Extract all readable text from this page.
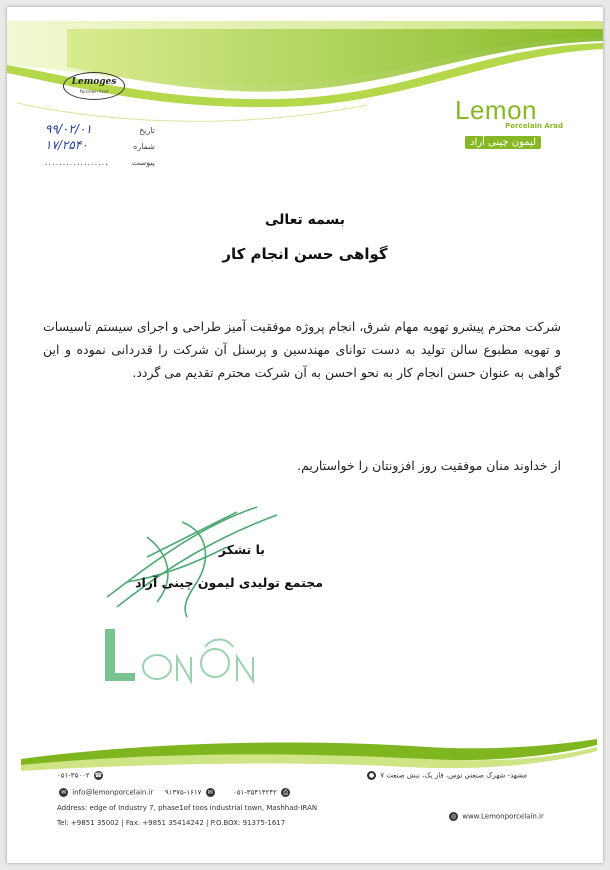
Lemoges
Porcelain Arad
تاریخ
۹۹/۰۲/۰۱
شماره
۱۷/۲۵۴۰
پیوست
..................
Lemon
Porcelain Arad
لیمون چینی آراد
بسمه تعالی
گواهی حسن انجام کار
شرکت محترم پیشرو تهویه مهام شرق، انجام پروژه موفقیت آمیز طراحی و اجرای سیستم تاسیسات و تهویه مطبوع سالن تولید به دست توانای مهندسین و پرسنل آن شرکت را قدردانی نموده و این گواهی به عنوان حسن انجام کار به نحو احسن به آن شرکت محترم تقدیم می گردد.
از خداوند منان موفقیت روز افزونتان را خواستاریم.
با تشکر
مجتمع تولیدی لیمون چینی آراد
مشهد- شهرک صنعتی توس، فاز یک، نبش صنعت ۷ ●
☎ ۰۵۱-۳۵۰۰۲
✉ info@lemonporcelain.ir	✉ ۹۱۳۷۵-۱۶۱۷	⎙ ۰۵۱-۳۵۴۱۴۲۴۲
Address: edge of Industry 7, phase1of toos industrial town, Mashhad-IRAN
Tel: +9851 35002 | Fax: +9851 35414242 | P.O.BOX: 91375-1617
◎ www.Lemonporcelain.ir
